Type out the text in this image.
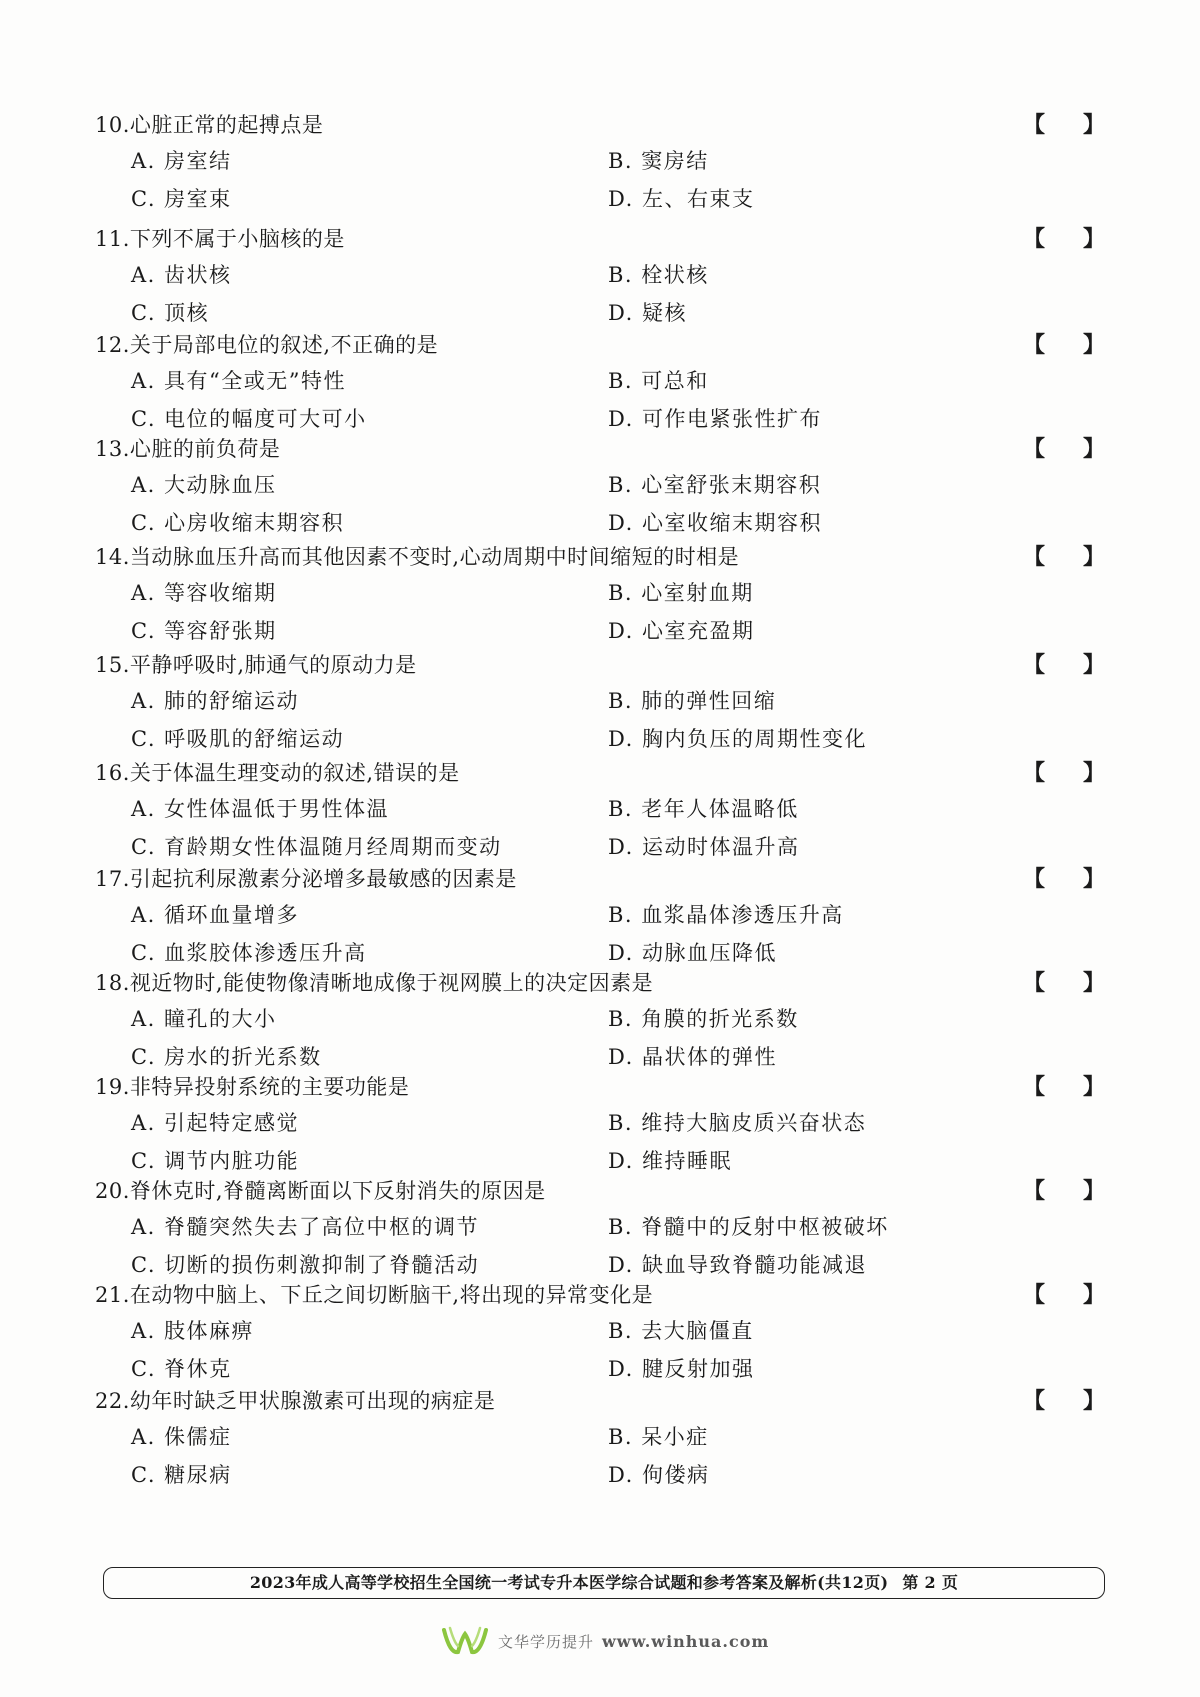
10.心脏正常的起搏点是	【 】
A. 房室结	B. 窦房结
C. 房室束	D. 左、右束支
11.下列不属于小脑核的是	【 】
A. 齿状核	B. 栓状核
C. 顶核	D. 疑核
12.关于局部电位的叙述,不正确的是	【 】
A. 具有“全或无”特性	B. 可总和
C. 电位的幅度可大可小	D. 可作电紧张性扩布
13.心脏的前负荷是	【 】
A. 大动脉血压	B. 心室舒张末期容积
C. 心房收缩末期容积	D. 心室收缩末期容积
14.当动脉血压升高而其他因素不变时,心动周期中时间缩短的时相是	【 】
A. 等容收缩期	B. 心室射血期
C. 等容舒张期	D. 心室充盈期
15.平静呼吸时,肺通气的原动力是	【 】
A. 肺的舒缩运动	B. 肺的弹性回缩
C. 呼吸肌的舒缩运动	D. 胸内负压的周期性变化
16.关于体温生理变动的叙述,错误的是	【 】
A. 女性体温低于男性体温	B. 老年人体温略低
C. 育龄期女性体温随月经周期而变动	D. 运动时体温升高
17.引起抗利尿激素分泌增多最敏感的因素是	【 】
A. 循环血量增多	B. 血浆晶体渗透压升高
C. 血浆胶体渗透压升高	D. 动脉血压降低
18.视近物时,能使物像清晰地成像于视网膜上的决定因素是	【 】
A. 瞳孔的大小	B. 角膜的折光系数
C. 房水的折光系数	D. 晶状体的弹性
19.非特异投射系统的主要功能是	【 】
A. 引起特定感觉	B. 维持大脑皮质兴奋状态
C. 调节内脏功能	D. 维持睡眠
20.脊休克时,脊髓离断面以下反射消失的原因是	【 】
A. 脊髓突然失去了高位中枢的调节	B. 脊髓中的反射中枢被破坏
C. 切断的损伤刺激抑制了脊髓活动	D. 缺血导致脊髓功能减退
21.在动物中脑上、下丘之间切断脑干,将出现的异常变化是	【 】
A. 肢体麻痹	B. 去大脑僵直
C. 脊休克	D. 腱反射加强
22.幼年时缺乏甲状腺激素可出现的病症是	【 】
A. 侏儒症	B. 呆小症
C. 糖尿病	D. 佝偻病
2023年成人高等学校招生全国统一考试专升本医学综合试题和参考答案及解析(共12页) 第 2 页
文华学历提升 www.winhua.com
